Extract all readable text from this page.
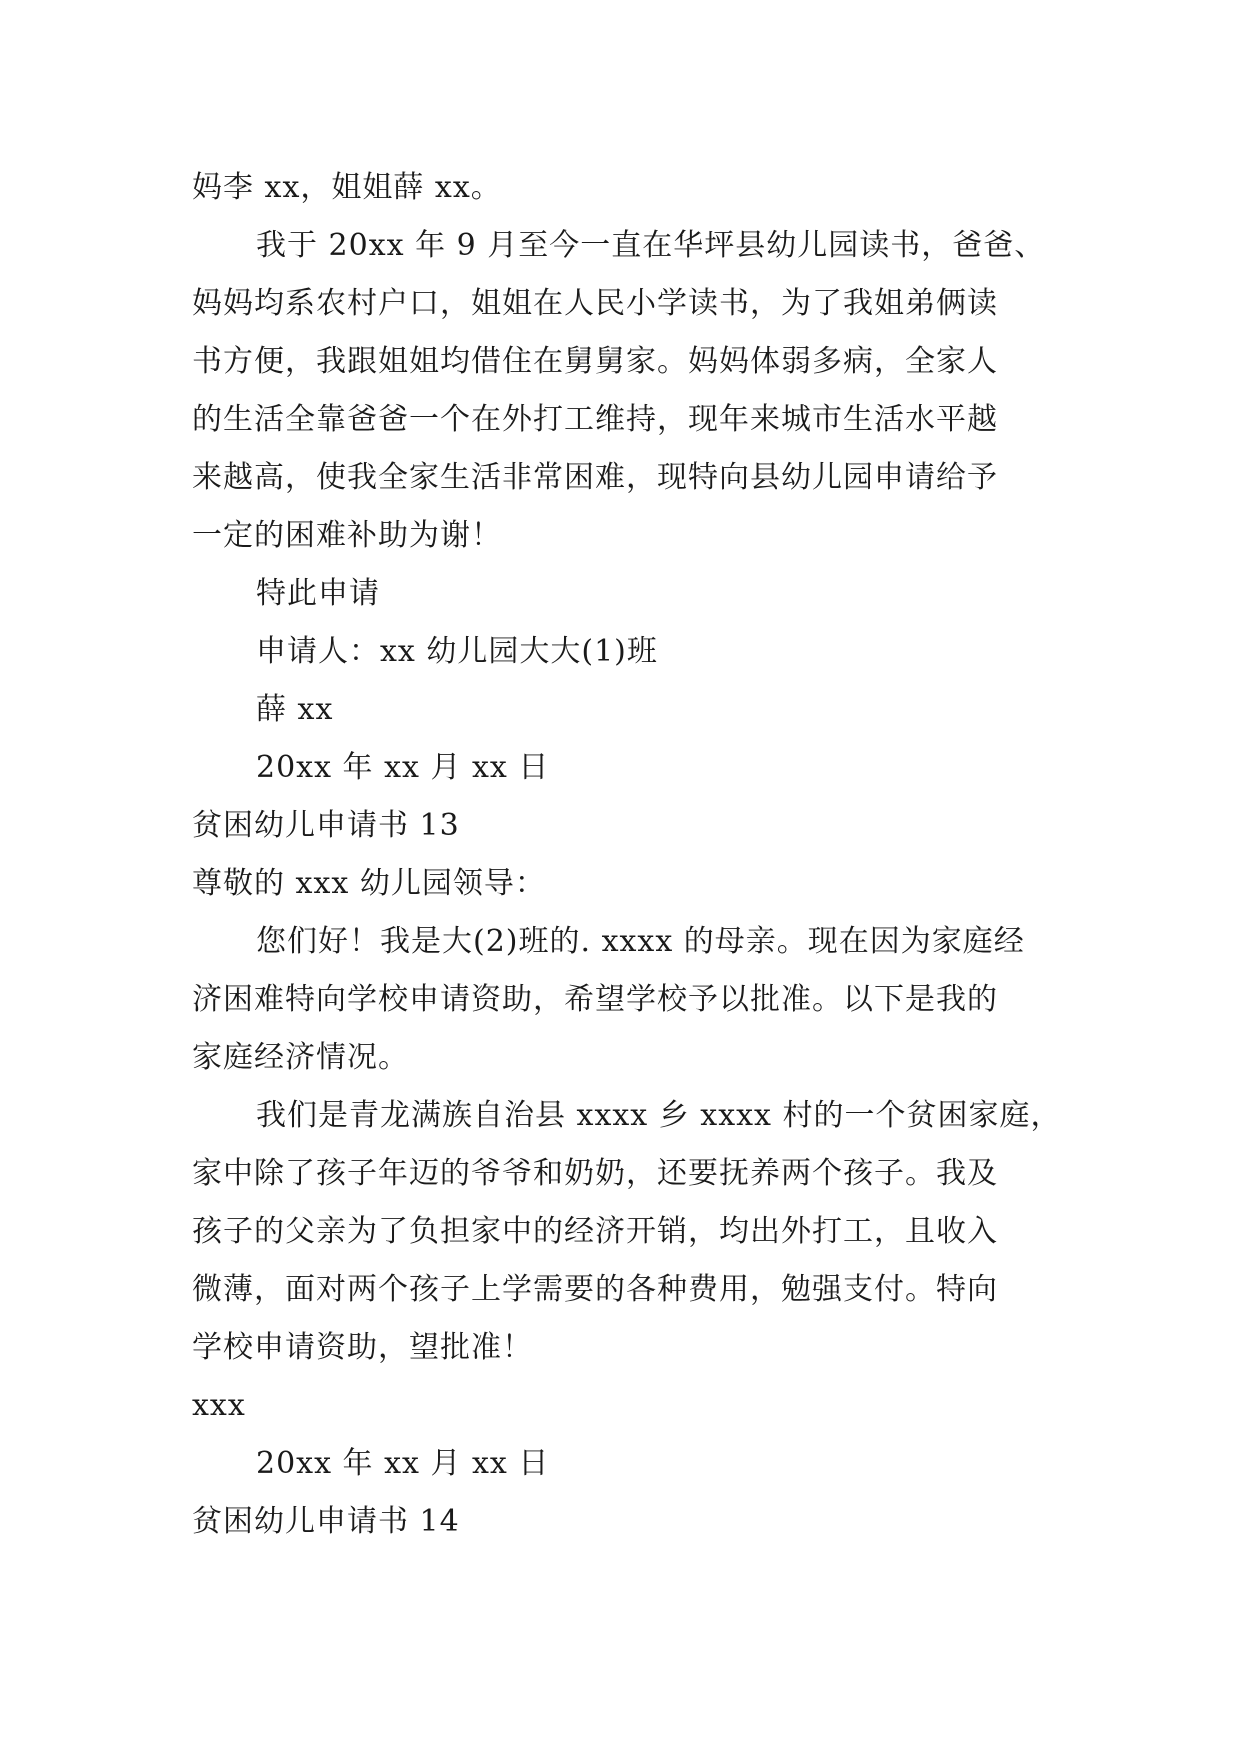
妈李 xx，姐姐薛 xx。
我于 20xx 年 9 月至今一直在华坪县幼儿园读书，爸爸、
妈妈均系农村户口，姐姐在人民小学读书，为了我姐弟俩读
书方便，我跟姐姐均借住在舅舅家。妈妈体弱多病，全家人
的生活全靠爸爸一个在外打工维持，现年来城市生活水平越
来越高，使我全家生活非常困难，现特向县幼儿园申请给予
一定的困难补助为谢！
特此申请
申请人：xx 幼儿园大大(1)班
薛 xx
20xx 年 xx 月 xx 日
贫困幼儿申请书 13
尊敬的 xxx 幼儿园领导：
您们好！我是大(2)班的. xxxx 的母亲。现在因为家庭经
济困难特向学校申请资助，希望学校予以批准。以下是我的
家庭经济情况。
我们是青龙满族自治县 xxxx 乡 xxxx 村的一个贫困家庭，
家中除了孩子年迈的爷爷和奶奶，还要抚养两个孩子。我及
孩子的父亲为了负担家中的经济开销，均出外打工，且收入
微薄，面对两个孩子上学需要的各种费用，勉强支付。特向
学校申请资助，望批准！
xxx
20xx 年 xx 月 xx 日
贫困幼儿申请书 14
